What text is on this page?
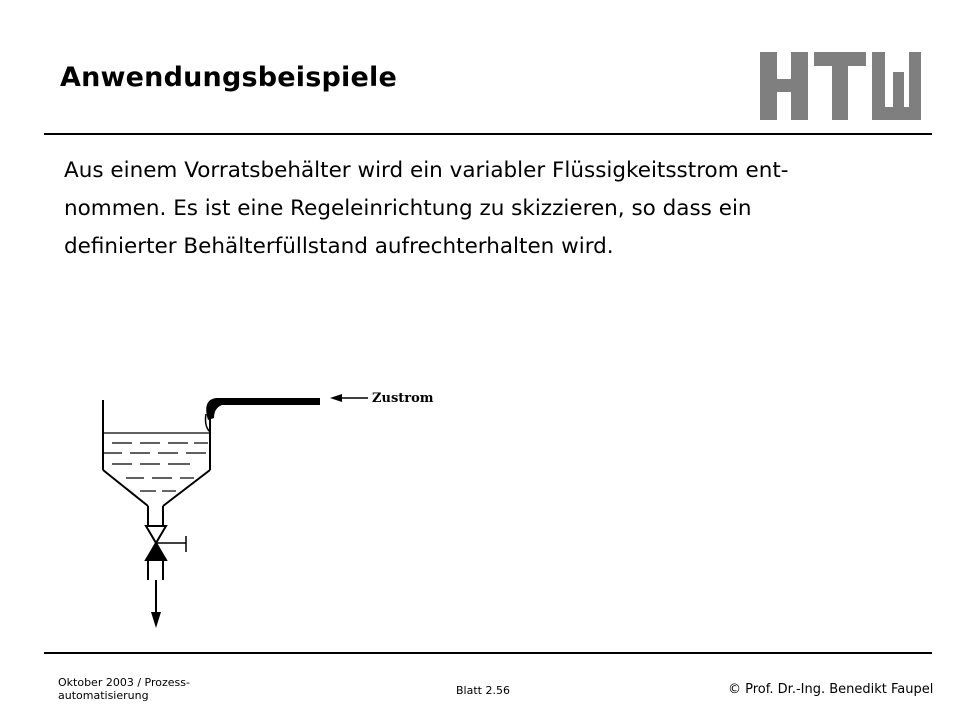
Anwendungsbeispiele

Aus einem Vorratsbehälter wird ein variabler Flüssigkeitsstrom ent-
nommen. Es ist eine Regeleinrichtung zu skizzieren, so dass ein
definierter Behälterfüllstand aufrechterhalten wird.

Zustrom
Oktober 2003 / Prozess-
automatisierung	Blatt 2.56	© Prof. Dr.-Ing. Benedikt Faupel
